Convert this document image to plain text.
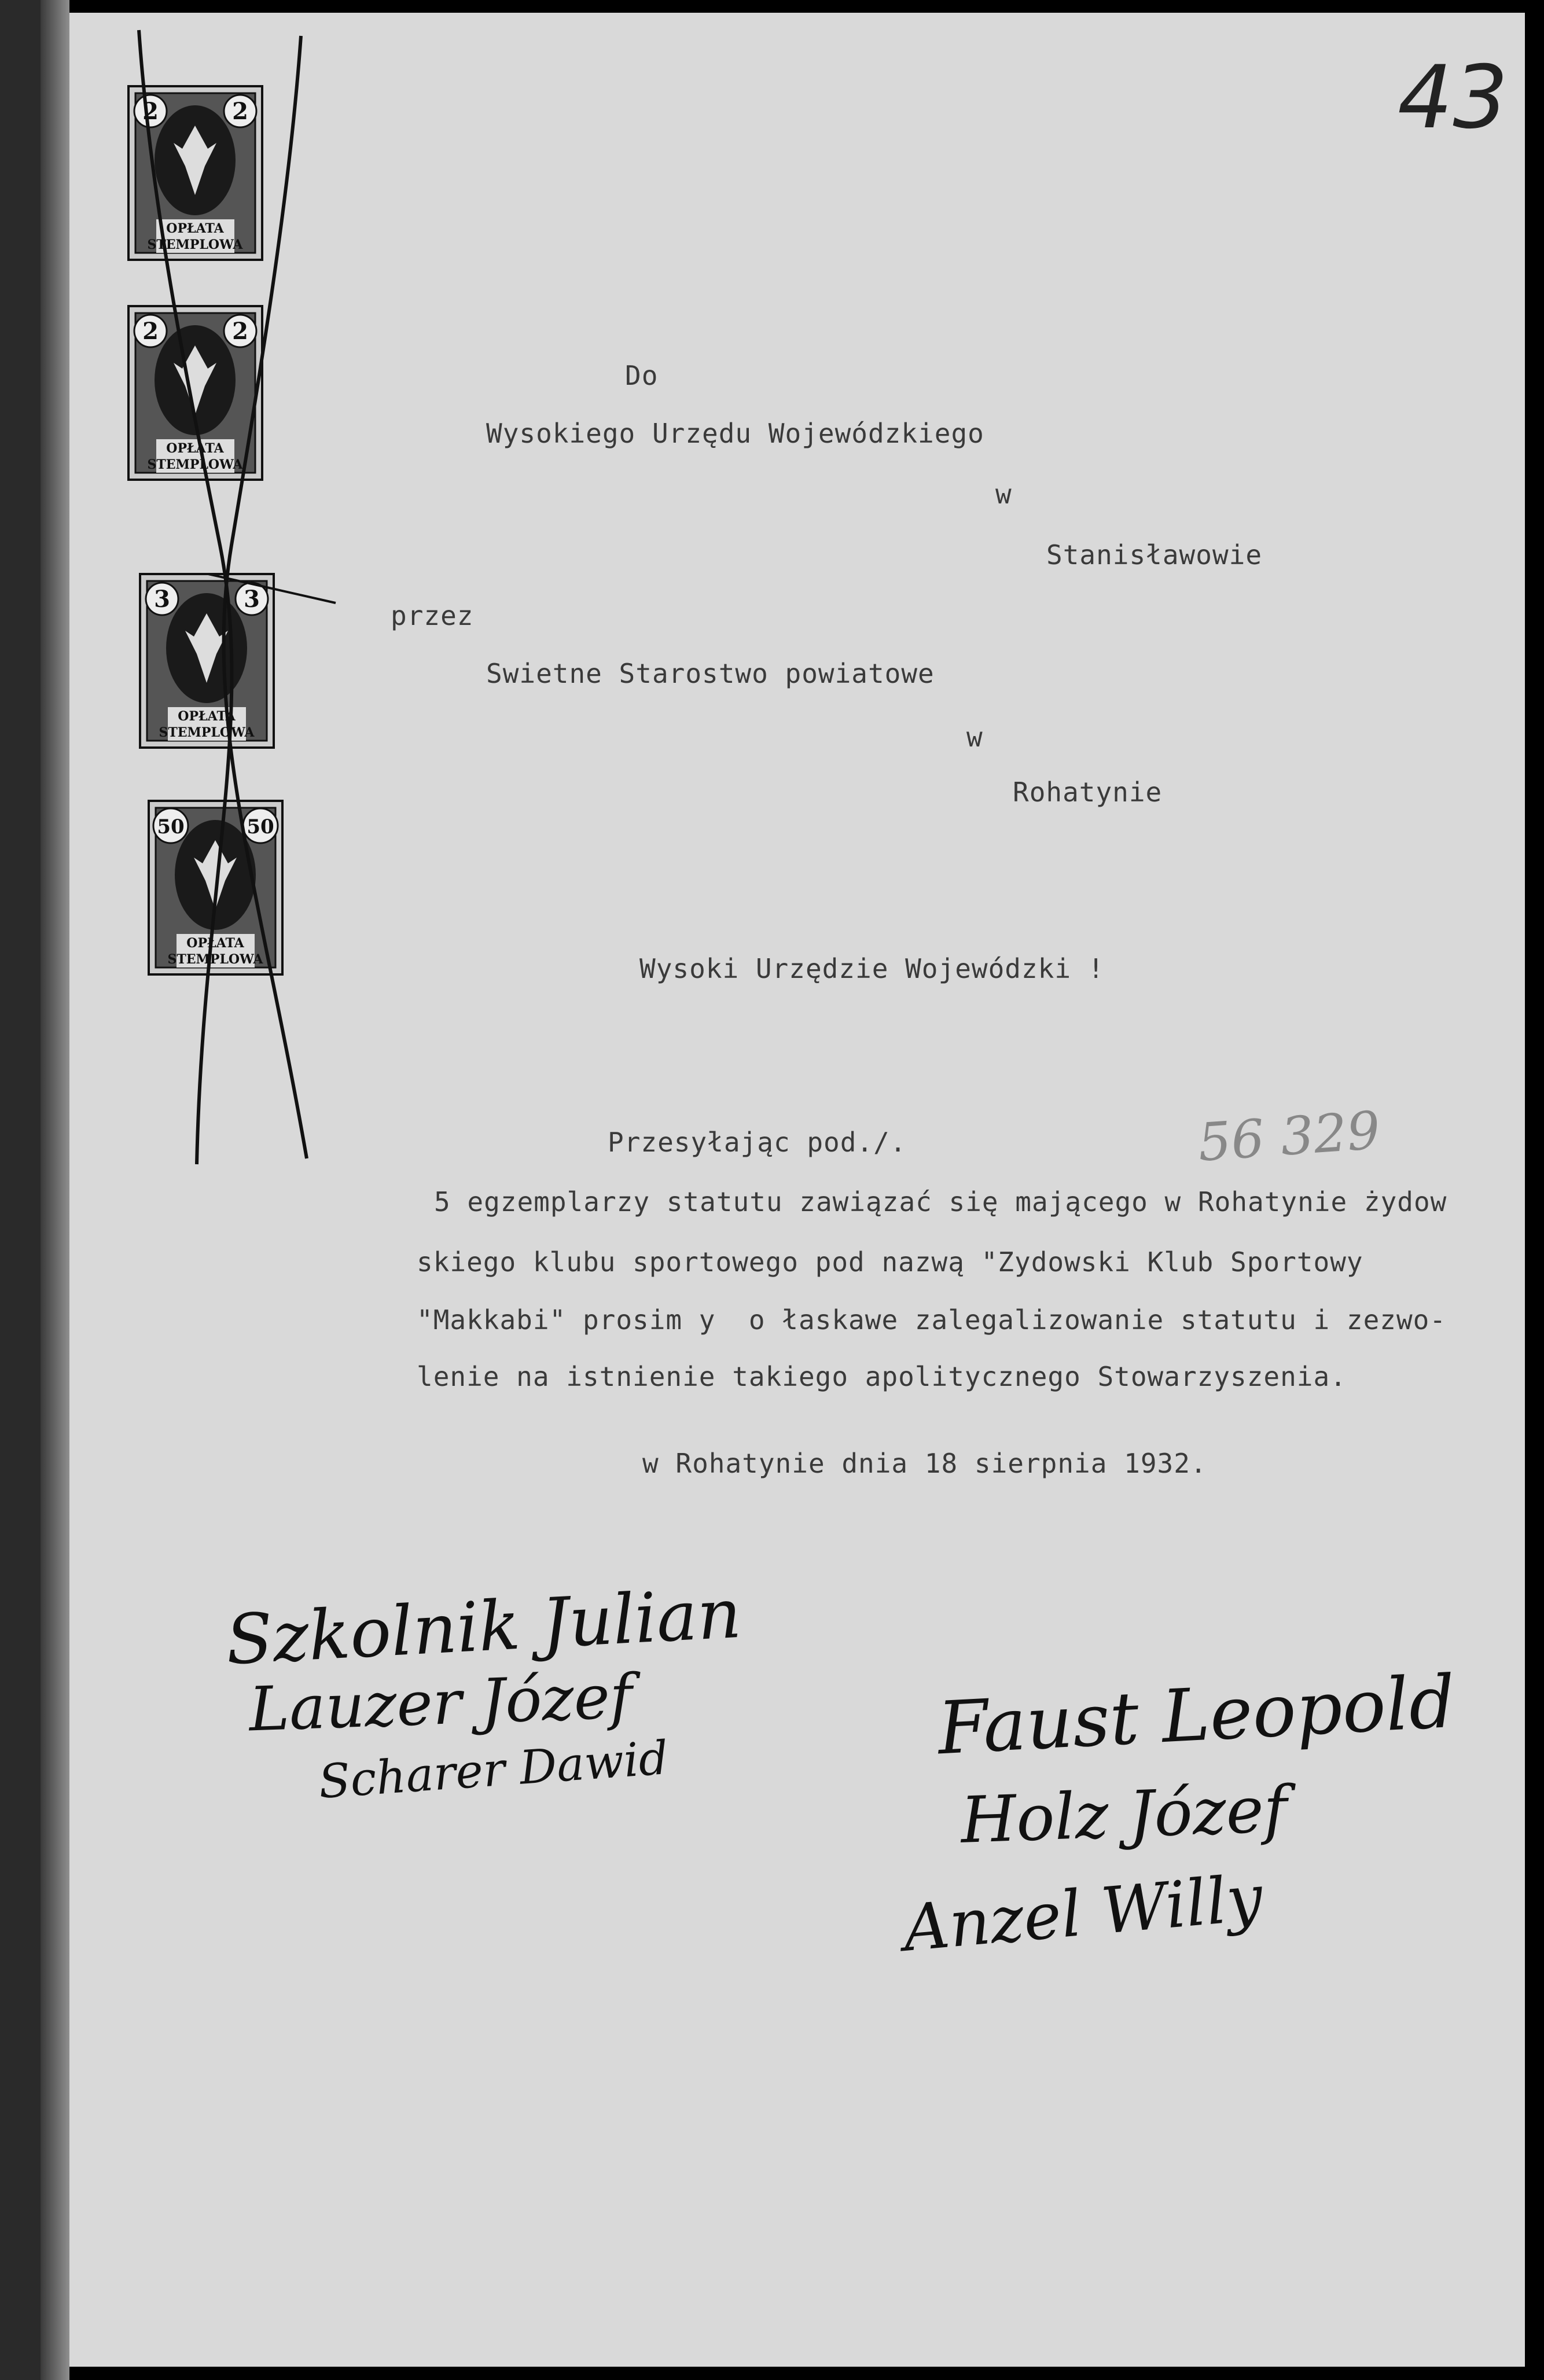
43
2	2
OPŁATA
STEMPLOWA
2	2
OPŁATA
STEMPLOWA
3	3
OPŁATA
STEMPLOWA
50	50
OPŁATA
STEMPLOWA
Do
Wysokiego Urzędu Wojewódzkiego
w
Stanisławowie
przez
Swietne Starostwo powiatowe
w
Rohatynie
Wysoki Urzędzie Wojewódzki !
Przesyłając pod./.
5 egzemplarzy statutu zawiązać się mającego w Rohatynie żydow
skiego klubu sportowego pod nazwą "Zydowski Klub Sportowy
"Makkabi" prosim y  o łaskawe zalegalizowanie statutu i zezwo-
lenie na istnienie takiego apolitycznego Stowarzyszenia.
w Rohatynie dnia 18 sierpnia 1932.
56 329
Szkolnik Julian
Lauzer Józef
Scharer Dawid	Faust Leopold
Holz Józef
Anzel Willy
